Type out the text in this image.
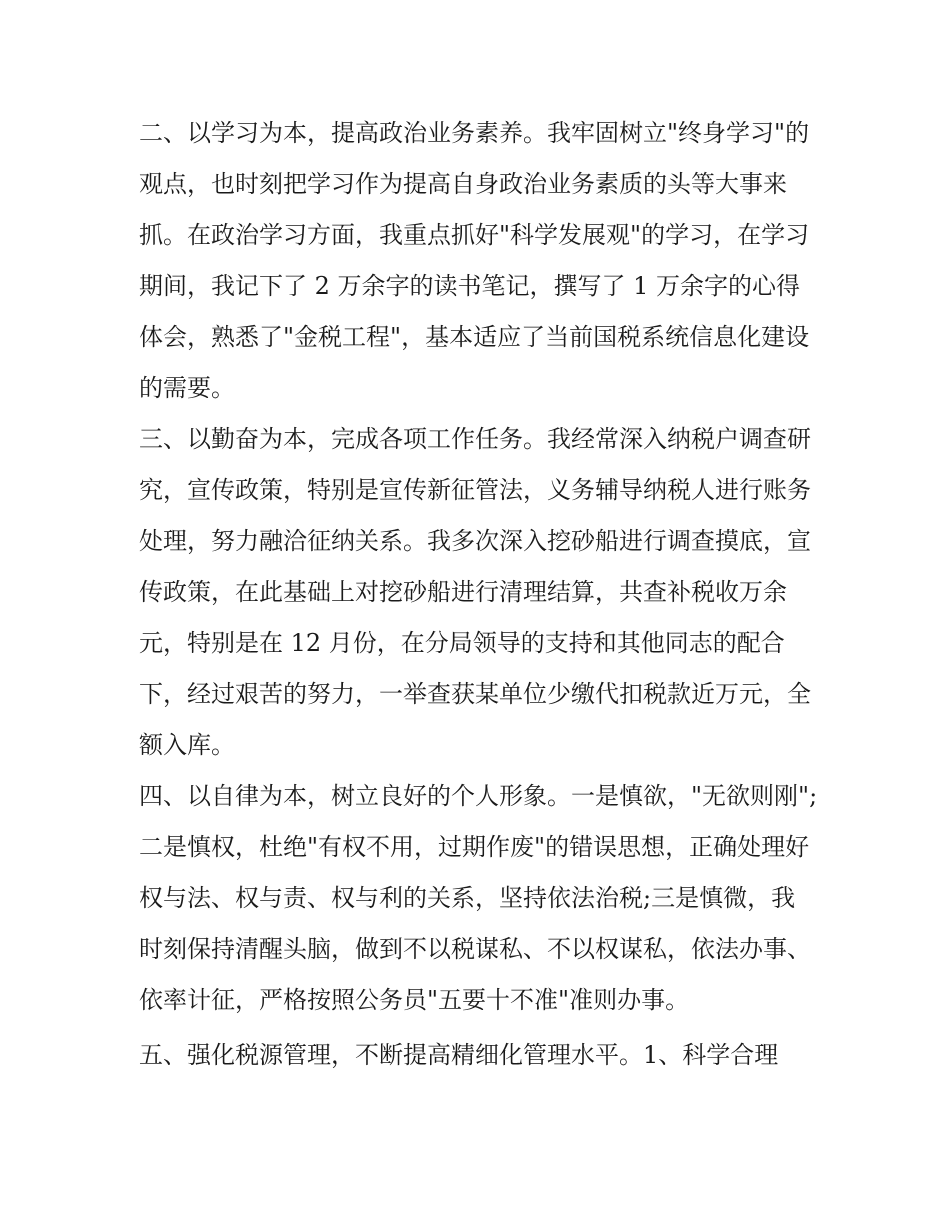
二、以学习为本，提高政治业务素养。我牢固树立"终身学习"的观点，也时刻把学习作为提高自身政治业务素质的头等大事来抓。在政治学习方面，我重点抓好"科学发展观"的学习，在学习期间，我记下了 2 万余字的读书笔记，撰写了 1 万余字的心得体会，熟悉了"金税工程"，基本适应了当前国税系统信息化建设的需要。

三、以勤奋为本，完成各项工作任务。我经常深入纳税户调查研究，宣传政策，特别是宣传新征管法，义务辅导纳税人进行账务处理，努力融洽征纳关系。我多次深入挖砂船进行调查摸底，宣传政策，在此基础上对挖砂船进行清理结算，共查补税收万余元，特别是在 12 月份，在分局领导的支持和其他同志的配合下，经过艰苦的努力，一举查获某单位少缴代扣税款近万元，全额入库。

四、以自律为本，树立良好的个人形象。一是慎欲，"无欲则刚";二是慎权，杜绝"有权不用，过期作废"的错误思想，正确处理好权与法、权与责、权与利的关系，坚持依法治税;三是慎微，我时刻保持清醒头脑，做到不以税谋私、不以权谋私，依法办事、依率计征，严格按照公务员"五要十不准"准则办事。

五、强化税源管理，不断提高精细化管理水平。1、科学合理
